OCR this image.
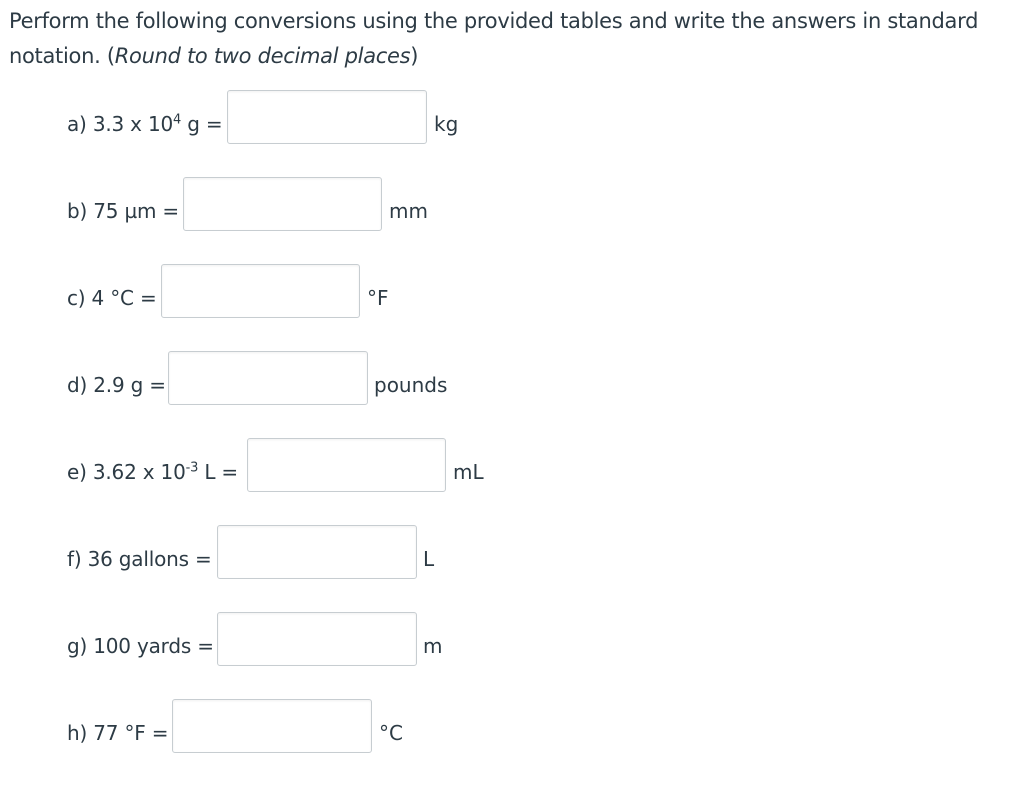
Perform the following conversions using the provided tables and write the answers in standard notation. (Round to two decimal places)

a) 3.3 x $10^4$ g =	kg
b) 75 µm =	mm
c) 4 °C =	°F
d) 2.9 g =	pounds
e) 3.62 x $10^{-3}$ L =	mL
f) 36 gallons =	L
g) 100 yards =	m
h) 77 °F =	°C
